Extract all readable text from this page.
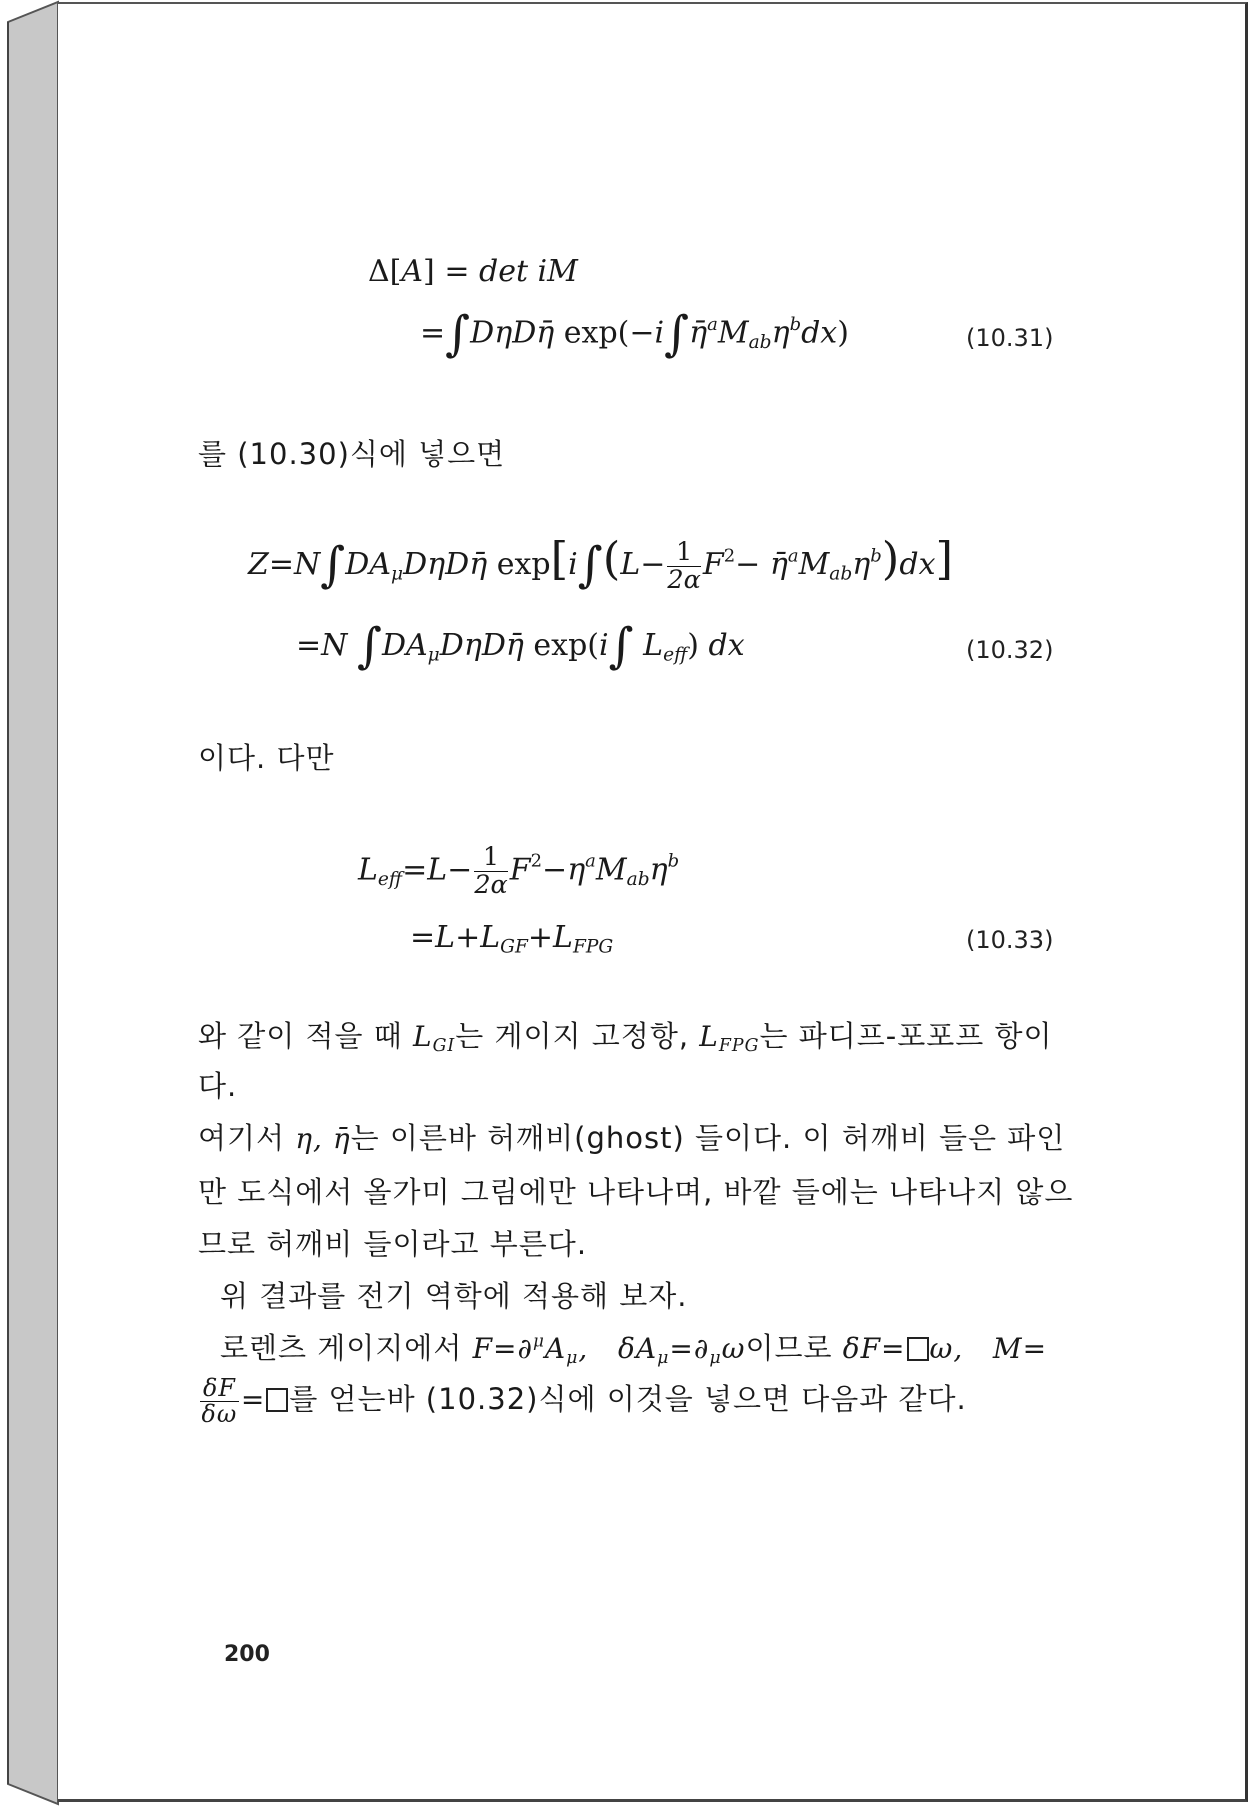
Δ[A] = det iM
=∫DηDη̄ $\exp(-i\int\etā^aM_{ab}\eta^bdx)$	(10.31)
를 (10.30)식에 넣으면
$Z=N\int DA_\mu D\eta D\etā$ $\exp[i\int(L- \frac{1}{2\alpha} F^2-$ $\etā^aM_{ab}\eta^b)dx$]
=N $\int DA_\mu D\eta D\etā$ exp(i∫ $L_{eff}$) dx	(10.32)
이다. 다만
$L_{eff}=L- \frac{1}{2\alpha} F^2-\eta^aM_{ab}\eta^b$
$=L+L_{GF}+L_{FPG}$	(10.33)
와 같이 적을 때 $L_{GI}$는 게이지 고정항, $L_{FPG}$는 파디프-포포프 항이
다.
여기서 η, η̄는 이른바 허깨비(ghost) 들이다. 이 허깨비 들은 파인
만 도식에서 올가미 그림에만 나타나며, 바깥 들에는 나타나지 않으
므로 허깨비 들이라고 부른다.
위 결과를 전기 역학에 적용해 보자.
로렌츠 게이지에서 $F=\partial^\mu A_\mu$,   $\delta A_\mu=\partial_\mu\omega$이므로 δF= ω,   M=
$\frac{\delta F}{\delta\omega}$ = 를 얻는바 (10.32)식에 이것을 넣으면 다음과 같다.
200
